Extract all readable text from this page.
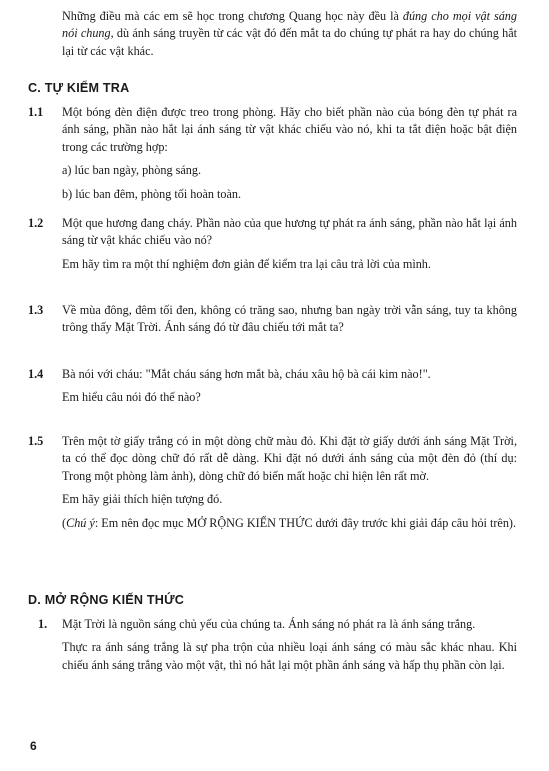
Những điều mà các em sẽ học trong chương Quang học này đều là đúng cho mọi vật sáng nói chung, dù ánh sáng truyền từ các vật đó đến mắt ta do chúng tự phát ra hay do chúng hắt lại từ các vật khác.

C. TỰ KIỂM TRA
1.1 Một bóng đèn điện được treo trong phòng. Hãy cho biết phần nào của bóng đèn tự phát ra ánh sáng, phần nào hắt lại ánh sáng từ vật khác chiếu vào nó, khi ta tắt điện hoặc bật điện trong các trường hợp:

a) lúc ban ngày, phòng sáng.

b) lúc ban đêm, phòng tối hoàn toàn.

1.2 Một que hương đang cháy. Phần nào của que hương tự phát ra ánh sáng, phần nào hắt lại ánh sáng từ vật khác chiếu vào nó?

Em hãy tìm ra một thí nghiệm đơn giản để kiểm tra lại câu trả lời của mình.

1.3 Về mùa đông, đêm tối đen, không có trăng sao, nhưng ban ngày trời vẫn sáng, tuy ta không trông thấy Mặt Trời. Ánh sáng đó từ đâu chiếu tới mắt ta?

1.4 Bà nói với cháu: "Mắt cháu sáng hơn mắt bà, cháu xâu hộ bà cái kim nào!".

Em hiểu câu nói đó thế nào?

1.5 Trên một tờ giấy trắng có in một dòng chữ màu đỏ. Khi đặt tờ giấy dưới ánh sáng Mặt Trời, ta có thể đọc dòng chữ đó rất dễ dàng. Khi đặt nó dưới ánh sáng của một đèn đỏ (thí dụ: Trong một phòng làm ảnh), dòng chữ đó biến mất hoặc chỉ hiện lên rất mờ.

Em hãy giải thích hiện tượng đó.

(Chú ý: Em nên đọc mục MỞ RỘNG KIẾN THỨC dưới đây trước khi giải đáp câu hỏi trên).

D. MỞ RỘNG KIẾN THỨC
1. Mặt Trời là nguồn sáng chủ yếu của chúng ta. Ánh sáng nó phát ra là ánh sáng trắng.

Thực ra ánh sáng trắng là sự pha trộn của nhiều loại ánh sáng có màu sắc khác nhau. Khi chiếu ánh sáng trắng vào một vật, thì nó hắt lại một phần ánh sáng và hấp thụ phần còn lại.

6
